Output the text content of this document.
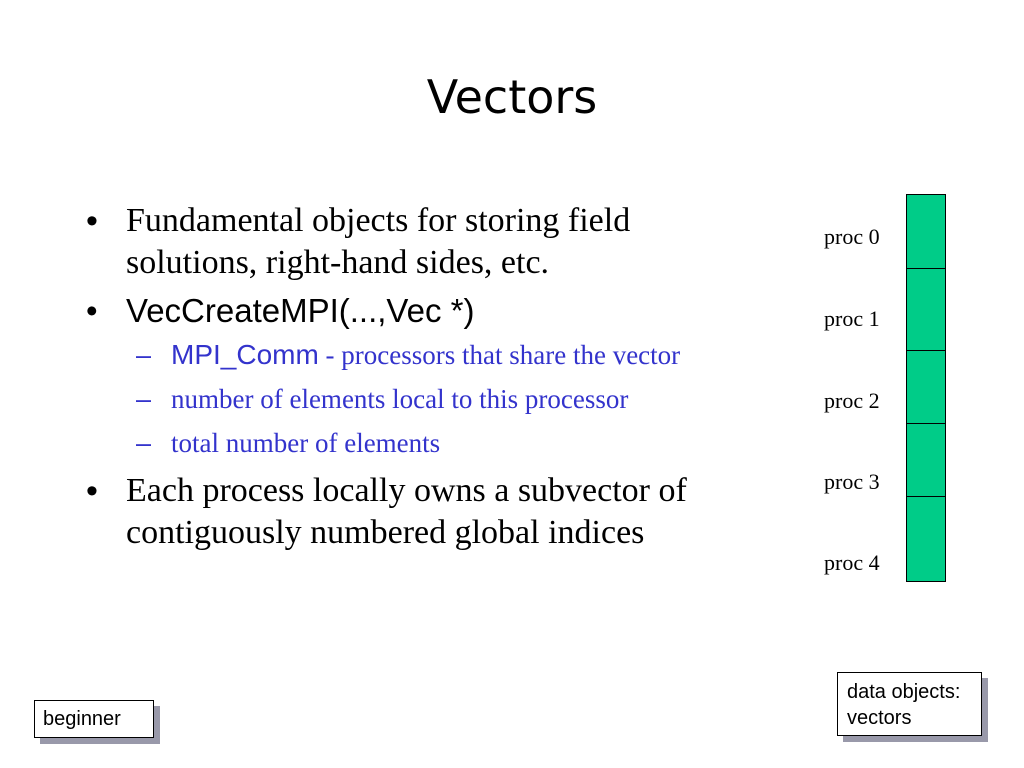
Vectors
• Fundamental objects for storing field solutions, right-hand sides, etc.
• VecCreateMPI(...,Vec *)
– MPI_Comm - processors that share the vector
– number of elements local to this processor
– total number of elements
• Each process locally owns a subvector of contiguously numbered global indices
proc 0
proc 1
proc 2
proc 3
proc 4
beginner
data objects:
vectors
